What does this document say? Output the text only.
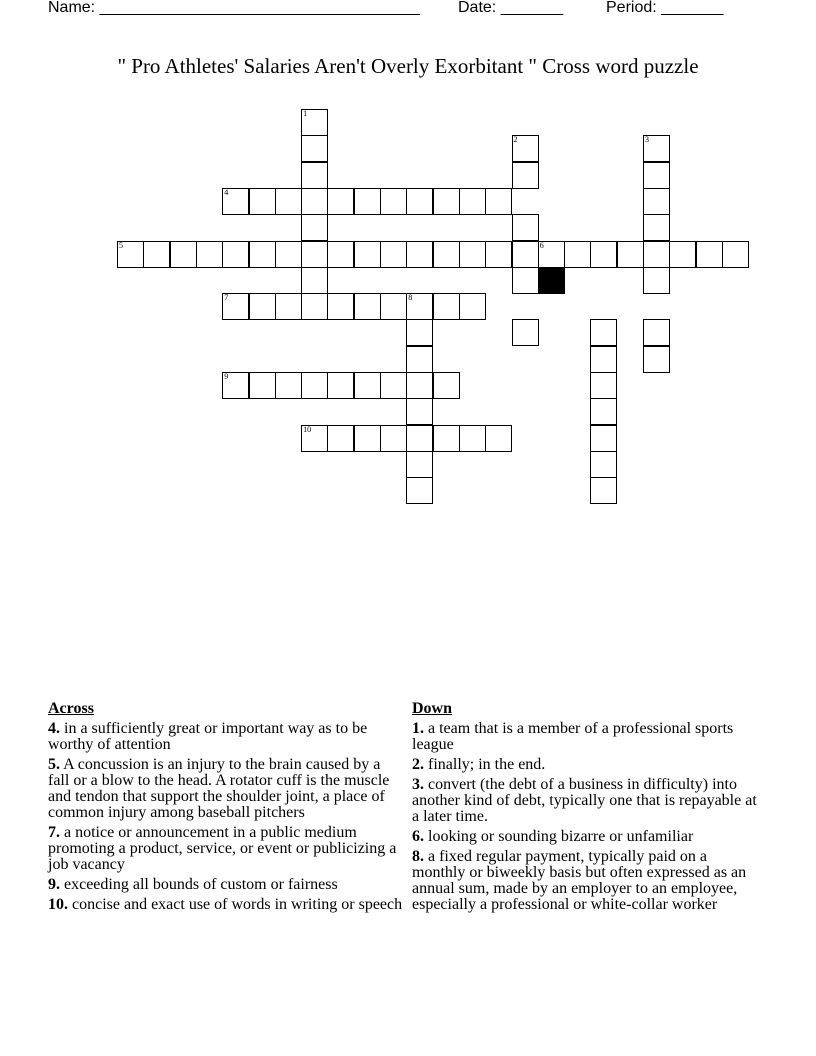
Name: ____________________________________ Date: _______	Period: _______
" Pro Athletes' Salaries Aren't Overly Exorbitant " Cross word puzzle
1
2	3
4
5	6
7	8
9
10
Across
4. in a sufficiently great or important way as to be worthy of attention
5. A concussion is an injury to the brain caused by a fall or a blow to the head. A rotator cuff is the muscle and tendon that support the shoulder joint, a place of common injury among baseball pitchers
7. a notice or announcement in a public medium promoting a product, service, or event or publicizing a job vacancy
9. exceeding all bounds of custom or fairness
10. concise and exact use of words in writing or speech
Down
1. a team that is a member of a professional sports league
2. finally; in the end.
3. convert (the debt of a business in difficulty) into another kind of debt, typically one that is repayable at a later time.
6. looking or sounding bizarre or unfamiliar
8. a fixed regular payment, typically paid on a monthly or biweekly basis but often expressed as an annual sum, made by an employer to an employee, especially a professional or white-collar worker
